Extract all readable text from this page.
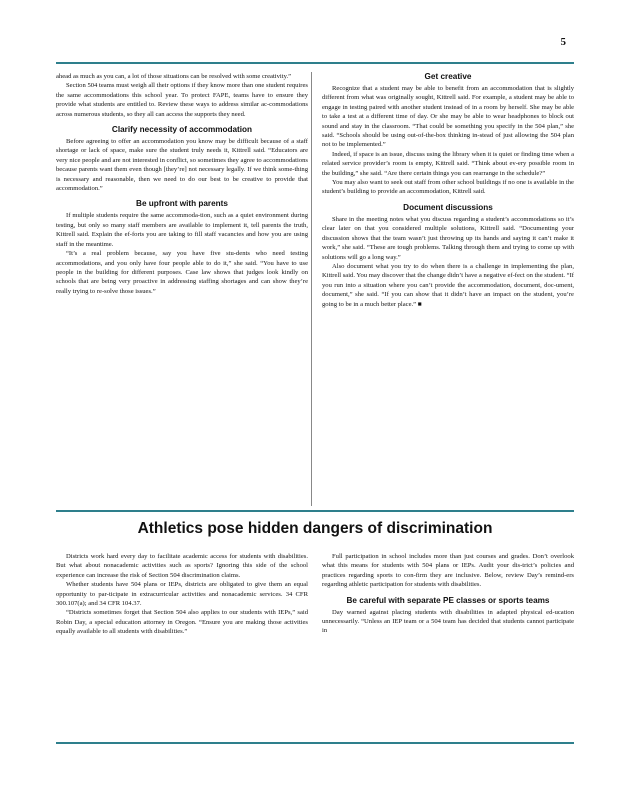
5

ahead as much as you can, a lot of those situations can be resolved with some creativity.”

Section 504 teams must weigh all their options if they know more than one student requires the same accommodations this school year. To protect FAPE, teams have to ensure they provide what students are entitled to. Review these ways to address similar ac-commodations across numerous students, so they all can access the supports they need.

Clarify necessity of accommodation

Before agreeing to offer an accommodation you know may be difficult because of a staff shortage or lack of space, make sure the student truly needs it, Kittrell said. “Educators are very nice people and are not interested in conflict, so sometimes they agree to accommodations because parents want them even though [they’re] not necessary legally. If we think some-thing is necessary and reasonable, then we need to do our best to be creative to provide that accommodation.”

Be upfront with parents

If multiple students require the same accommoda-tion, such as a quiet environment during testing, but only so many staff members are available to implement it, tell parents the truth, Kittrell said. Explain the ef-forts you are taking to fill staff vacancies and how you are using staff in the meantime.

“It’s a real problem because, say you have five stu-dents who need testing accommodations, and you only have four people able to do it,” she said. “You have to use people in the building for different purposes. Case law shows that judges look kindly on schools that are being very proactive in addressing staffing shortages and can show they’re really trying to re-solve those issues.”

Get creative

Recognize that a student may be able to benefit from an accommodation that is slightly different from what was originally sought, Kittrell said. For example, a student may be able to engage in testing paired with another student instead of in a room by herself. She may be able to take a test at a different time of day. Or she may be able to wear headphones to block out sound and stay in the classroom. “That could be something you specify in the 504 plan,” she said. “Schools should be using out-of-the-box thinking in-stead of just allowing the 504 plan not to be implemented.”

Indeed, if space is an issue, discuss using the library when it is quiet or finding time when a related service provider’s room is empty, Kittrell said. “Think about ev-ery possible room in the building,” she said. “Are there certain things you can rearrange in the schedule?”

You may also want to seek out staff from other school buildings if no one is available in the student’s building to provide an accommodation, Kittrell said.

Document discussions

Share in the meeting notes what you discuss regarding a student’s accommodations so it’s clear later on that you considered multiple solutions, Kittrell said. “Documenting your discussion shows that the team wasn’t just throwing up its hands and saying it can’t make it work,” she said. “These are tough problems. Talking through them and trying to come up with solutions will go a long way.”

Also document what you try to do when there is a challenge in implementing the plan, Kittrell said. You may discover that the change didn’t have a negative ef-fect on the student. “If you run into a situation where you can’t provide the accommodation, document, doc-ument, document,” she said. “If you can show that it didn’t have an impact on the student, you’re going to be in a much better place.” ■

Athletics pose hidden dangers of discrimination

Districts work hard every day to facilitate academic access for students with disabilities. But what about nonacademic activities such as sports? Ignoring this side of the school experience can increase the risk of Section 504 discrimination claims.

Whether students have 504 plans or IEPs, districts are obligated to give them an equal opportunity to par-ticipate in extracurricular activities and nonacademic services. 34 CFR 300.107(a); and 34 CFR 104.37.

“Districts sometimes forget that Section 504 also applies to our students with IEPs,” said Robin Day, a special education attorney in Oregon. “Ensure you are making those activities equally available to all students with disabilities.”

Full participation in school includes more than just courses and grades. Don’t overlook what this means for students with 504 plans or IEPs. Audit your dis-trict’s policies and practices regarding sports to con-firm they are inclusive. Below, review Day’s remind-ers regarding athletic participation for students with disabilities.

Be careful with separate PE classes or sports teams

Day warned against placing students with disabilities in adapted physical ed-ucation unnecessarily. “Unless an IEP team or a 504 team has decided that students cannot participate in
